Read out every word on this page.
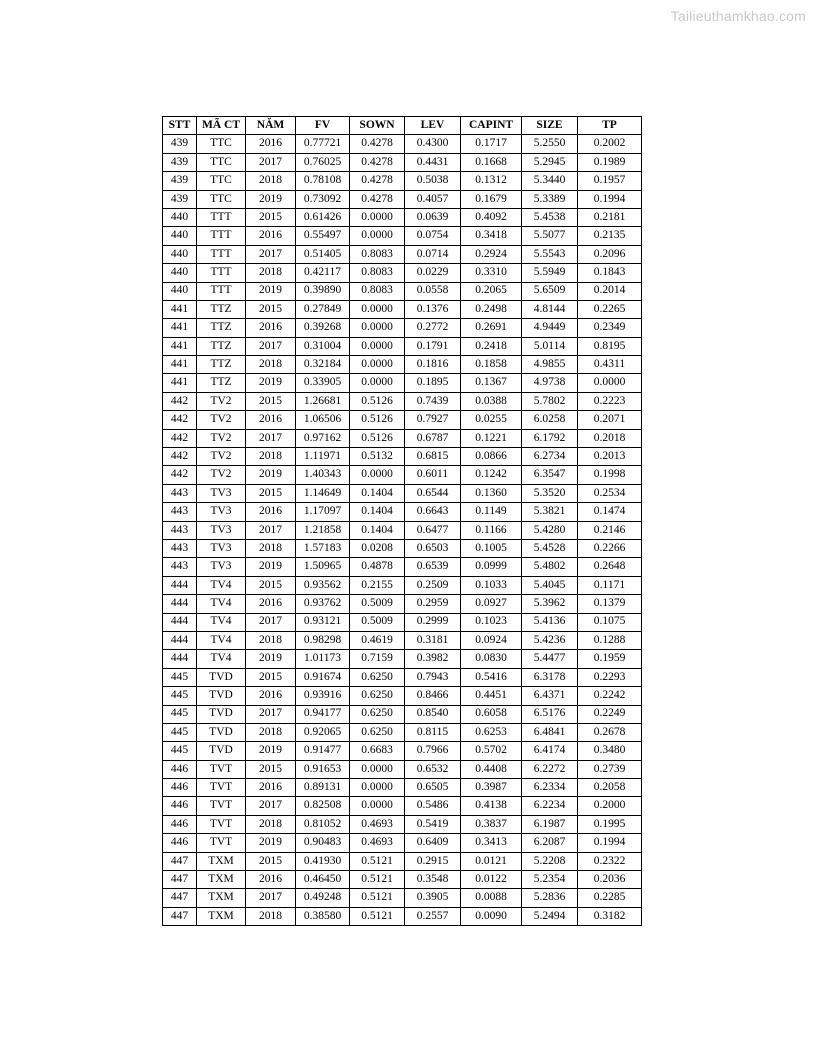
Tailieuthamkhao.com
STT	MÃ CT	NĂM	FV	SOWN	LEV	CAPINT	SIZE	TP
439	TTC	2016	0.77721	0.4278	0.4300	0.1717	5.2550	0.2002
439	TTC	2017	0.76025	0.4278	0.4431	0.1668	5.2945	0.1989
439	TTC	2018	0.78108	0.4278	0.5038	0.1312	5.3440	0.1957
439	TTC	2019	0.73092	0.4278	0.4057	0.1679	5.3389	0.1994
440	TTT	2015	0.61426	0.0000	0.0639	0.4092	5.4538	0.2181
440	TTT	2016	0.55497	0.0000	0.0754	0.3418	5.5077	0.2135
440	TTT	2017	0.51405	0.8083	0.0714	0.2924	5.5543	0.2096
440	TTT	2018	0.42117	0.8083	0.0229	0.3310	5.5949	0.1843
440	TTT	2019	0.39890	0.8083	0.0558	0.2065	5.6509	0.2014
441	TTZ	2015	0.27849	0.0000	0.1376	0.2498	4.8144	0.2265
441	TTZ	2016	0.39268	0.0000	0.2772	0.2691	4.9449	0.2349
441	TTZ	2017	0.31004	0.0000	0.1791	0.2418	5.0114	0.8195
441	TTZ	2018	0.32184	0.0000	0.1816	0.1858	4.9855	0.4311
441	TTZ	2019	0.33905	0.0000	0.1895	0.1367	4.9738	0.0000
442	TV2	2015	1.26681	0.5126	0.7439	0.0388	5.7802	0.2223
442	TV2	2016	1.06506	0.5126	0.7927	0.0255	6.0258	0.2071
442	TV2	2017	0.97162	0.5126	0.6787	0.1221	6.1792	0.2018
442	TV2	2018	1.11971	0.5132	0.6815	0.0866	6.2734	0.2013
442	TV2	2019	1.40343	0.0000	0.6011	0.1242	6.3547	0.1998
443	TV3	2015	1.14649	0.1404	0.6544	0.1360	5.3520	0.2534
443	TV3	2016	1.17097	0.1404	0.6643	0.1149	5.3821	0.1474
443	TV3	2017	1.21858	0.1404	0.6477	0.1166	5.4280	0.2146
443	TV3	2018	1.57183	0.0208	0.6503	0.1005	5.4528	0.2266
443	TV3	2019	1.50965	0.4878	0.6539	0.0999	5.4802	0.2648
444	TV4	2015	0.93562	0.2155	0.2509	0.1033	5.4045	0.1171
444	TV4	2016	0.93762	0.5009	0.2959	0.0927	5.3962	0.1379
444	TV4	2017	0.93121	0.5009	0.2999	0.1023	5.4136	0.1075
444	TV4	2018	0.98298	0.4619	0.3181	0.0924	5.4236	0.1288
444	TV4	2019	1.01173	0.7159	0.3982	0.0830	5.4477	0.1959
445	TVD	2015	0.91674	0.6250	0.7943	0.5416	6.3178	0.2293
445	TVD	2016	0.93916	0.6250	0.8466	0.4451	6.4371	0.2242
445	TVD	2017	0.94177	0.6250	0.8540	0.6058	6.5176	0.2249
445	TVD	2018	0.92065	0.6250	0.8115	0.6253	6.4841	0.2678
445	TVD	2019	0.91477	0.6683	0.7966	0.5702	6.4174	0.3480
446	TVT	2015	0.91653	0.0000	0.6532	0.4408	6.2272	0.2739
446	TVT	2016	0.89131	0.0000	0.6505	0.3987	6.2334	0.2058
446	TVT	2017	0.82508	0.0000	0.5486	0.4138	6.2234	0.2000
446	TVT	2018	0.81052	0.4693	0.5419	0.3837	6.1987	0.1995
446	TVT	2019	0.90483	0.4693	0.6409	0.3413	6.2087	0.1994
447	TXM	2015	0.41930	0.5121	0.2915	0.0121	5.2208	0.2322
447	TXM	2016	0.46450	0.5121	0.3548	0.0122	5.2354	0.2036
447	TXM	2017	0.49248	0.5121	0.3905	0.0088	5.2836	0.2285
447	TXM	2018	0.38580	0.5121	0.2557	0.0090	5.2494	0.3182
